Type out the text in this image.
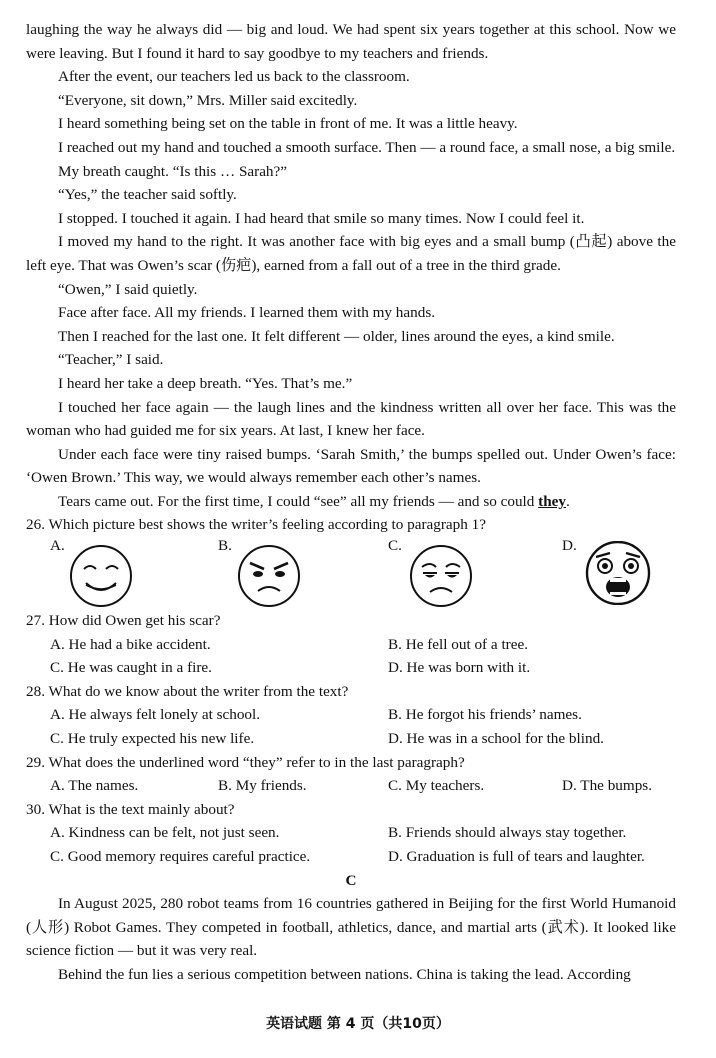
laughing the way he always did — big and loud. We had spent six years together at this school. Now we were leaving. But I found it hard to say goodbye to my teachers and friends.

After the event, our teachers led us back to the classroom.

“Everyone, sit down,” Mrs. Miller said excitedly.

I heard something being set on the table in front of me. It was a little heavy.

I reached out my hand and touched a smooth surface. Then — a round face, a small nose, a big smile.

My breath caught. “Is this … Sarah?”

“Yes,” the teacher said softly.

I stopped. I touched it again. I had heard that smile so many times. Now I could feel it.

I moved my hand to the right. It was another face with big eyes and a small bump (凸起) above the left eye. That was Owen’s scar (伤疤), earned from a fall out of a tree in the third grade.

“Owen,” I said quietly.

Face after face. All my friends. I learned them with my hands.

Then I reached for the last one. It felt different — older, lines around the eyes, a kind smile.

“Teacher,” I said.

I heard her take a deep breath. “Yes. That’s me.”

I touched her face again — the laugh lines and the kindness written all over her face. This was the woman who had guided me for six years. At last, I knew her face.

Under each face were tiny raised bumps. ‘Sarah Smith,’ the bumps spelled out. Under Owen’s face: ‘Owen Brown.’ This way, we would always remember each other’s names.

Tears came out. For the first time, I could “see” all my friends — and so could they.

26. Which picture best shows the writer’s feeling according to paragraph 1?
A.	B.	C.	D.
27. How did Owen get his scar?
A. He had a bike accident.	B. He fell out of a tree.
C. He was caught in a fire.	D. He was born with it.
28. What do we know about the writer from the text?
A. He always felt lonely at school.	B. He forgot his friends’ names.
C. He truly expected his new life.	D. He was in a school for the blind.
29. What does the underlined word “they” refer to in the last paragraph?
A. The names.	B. My friends.	C. My teachers.	D. The bumps.
30. What is the text mainly about?
A. Kindness can be felt, not just seen.	B. Friends should always stay together.
C. Good memory requires careful practice.	D. Graduation is full of tears and laughter.
C

In August 2025, 280 robot teams from 16 countries gathered in Beijing for the first World Humanoid (人形) Robot Games. They competed in football, athletics, dance, and martial arts (武术). It looked like science fiction — but it was very real.

Behind the fun lies a serious competition between nations. China is taking the lead. According

英语试题 第 4 页（共10页）
